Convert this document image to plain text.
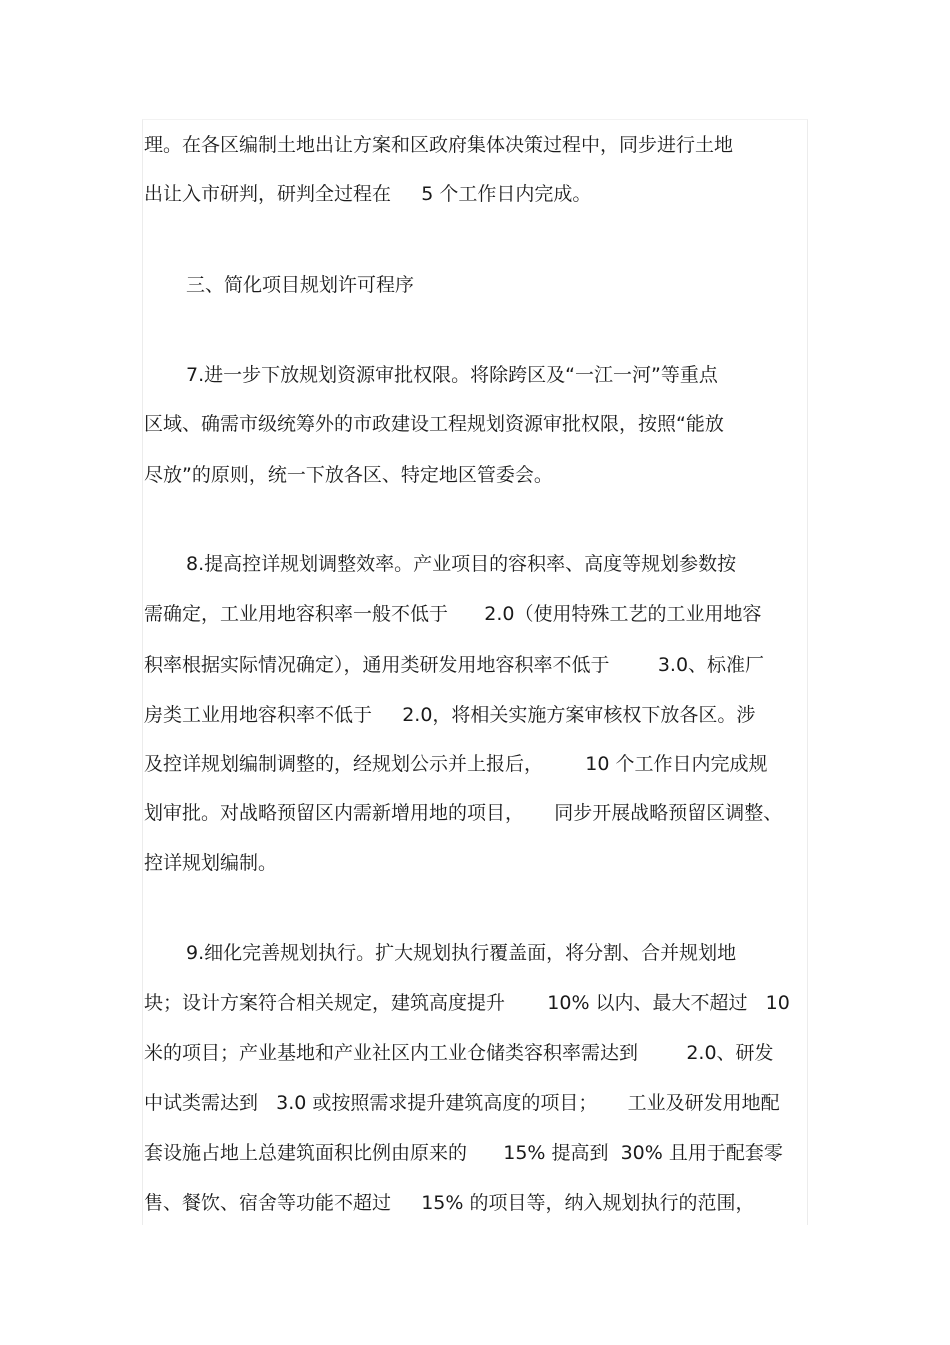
理。在各区编制土地出让方案和区政府集体决策过程中，同步进行土地
出让入市研判，研判全过程在     5 个工作日内完成。
三、简化项目规划许可程序
7.进一步下放规划资源审批权限。将除跨区及“一江一河”等重点
区域、确需市级统筹外的市政建设工程规划资源审批权限，按照“能放
尽放”的原则，统一下放各区、特定地区管委会。
8.提高控详规划调整效率。产业项目的容积率、高度等规划参数按
需确定，工业用地容积率一般不低于      2.0（使用特殊工艺的工业用地容
积率根据实际情况确定），通用类研发用地容积率不低于        3.0、标准厂
房类工业用地容积率不低于     2.0，将相关实施方案审核权下放各区。涉
及控详规划编制调整的，经规划公示并上报后，       10 个工作日内完成规
划审批。对战略预留区内需新增用地的项目，     同步开展战略预留区调整、
控详规划编制。
9.细化完善规划执行。扩大规划执行覆盖面，将分割、合并规划地
块；设计方案符合相关规定，建筑高度提升       10% 以内、最大不超过   10
米的项目；产业基地和产业社区内工业仓储类容积率需达到        2.0、研发
中试类需达到   3.0 或按照需求提升建筑高度的项目；     工业及研发用地配
套设施占地上总建筑面积比例由原来的      15% 提高到  30% 且用于配套零
售、餐饮、宿舍等功能不超过     15% 的项目等，纳入规划执行的范围，
